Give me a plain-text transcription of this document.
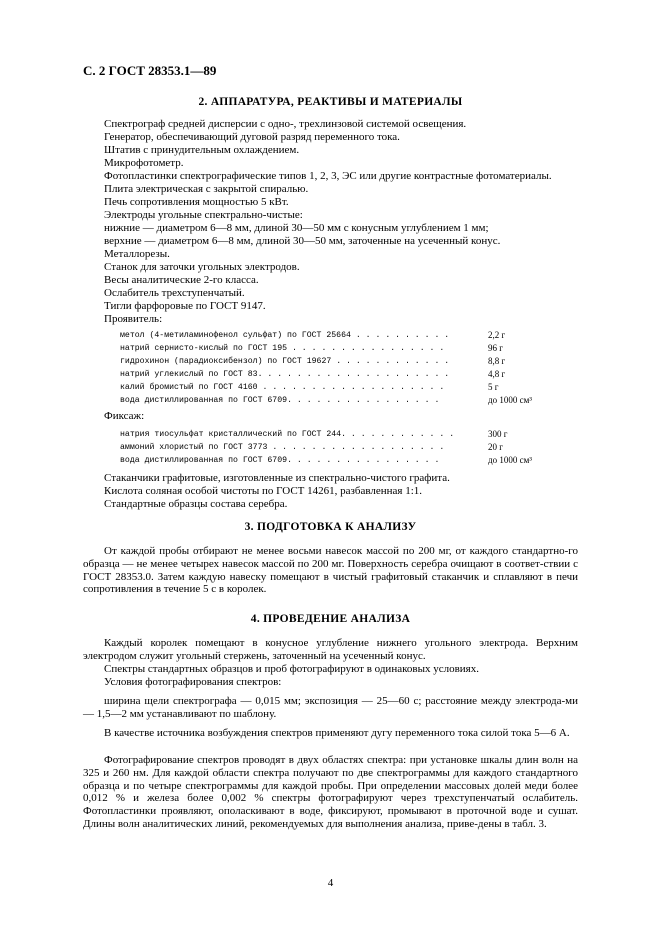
С. 2 ГОСТ 28353.1—89
2. АППАРАТУРА, РЕАКТИВЫ И МАТЕРИАЛЫ
Спектрограф средней дисперсии с одно-, трехлинзовой системой освещения.
Генератор, обеспечивающий дуговой разряд переменного тока.
Штатив с принудительным охлаждением.
Микрофотометр.
Фотопластинки спектрографические типов 1, 2, 3, ЭС или другие контрастные фотоматериалы.
Плита электрическая с закрытой спиралью.
Печь сопротивления мощностью 5 кВт.
Электроды угольные спектрально-чистые:
нижние — диаметром 6—8 мм, длиной 30—50 мм с конусным углублением 1 мм;
верхние — диаметром 6—8 мм, длиной 30—50 мм, заточенные на усеченный конус.
Металлорезы.
Станок для заточки угольных электродов.
Весы аналитические 2-го класса.
Ослабитель трехступенчатый.
Тигли фарфоровые по ГОСТ 9147.
Проявитель:
метол (4-метиламинофенол сульфат) по ГОСТ 25664 . . . . . . . . . .	2,2 г
натрий сернисто-кислый по ГОСТ 195 . . . . . . . . . . . . . . . .	96 г
гидрохинон (парадиоксибензол) по ГОСТ 19627 . . . . . . . . . . . .	8,8 г
натрий углекислый по ГОСТ 83. . . . . . . . . . . . . . . . . . . .	4,8 г
калий бромистый по ГОСТ 4160 . . . . . . . . . . . . . . . . . . .	5 г
вода дистиллированная по ГОСТ 6709. . . . . . . . . . . . . . . .	до 1000 см³
Фиксаж:
натрия тиосульфат кристаллический по ГОСТ 244. . . . . . . . . . . .	300 г
аммоний хлористый по ГОСТ 3773 . . . . . . . . . . . . . . . . . .	20 г
вода дистиллированная по ГОСТ 6709. . . . . . . . . . . . . . . .	до 1000 см³
Стаканчики графитовые, изготовленные из спектрально-чистого графита.
Кислота соляная особой чистоты по ГОСТ 14261, разбавленная 1:1.
Стандартные образцы состава серебра.
3. ПОДГОТОВКА К АНАЛИЗУ
От каждой пробы отбирают не менее восьми навесок массой по 200 мг, от каждого стандартно-го образца — не менее четырех навесок массой по 200 мг. Поверхность серебра очищают в соответ-ствии с ГОСТ 28353.0. Затем каждую навеску помещают в чистый графитовый стаканчик и сплавляют в печи сопротивления в течение 5 с в королек.
4. ПРОВЕДЕНИЕ АНАЛИЗА
Каждый королек помещают в конусное углубление нижнего угольного электрода. Верхним электродом служит угольный стержень, заточенный на усеченный конус.
Спектры стандартных образцов и проб фотографируют в одинаковых условиях.
Условия фотографирования спектров:
ширина щели спектрографа — 0,015 мм; экспозиция — 25—60 с; расстояние между электрода-ми — 1,5—2 мм устанавливают по шаблону.
В качестве источника возбуждения спектров применяют дугу переменного тока силой тока 5—6 А.
Фотографирование спектров проводят в двух областях спектра: при установке шкалы длин волн на 325 и 260 нм. Для каждой области спектра получают по две спектрограммы для каждого стандартного образца и по четыре спектрограммы для каждой пробы. При определении массовых долей меди более 0,012 % и железа более 0,002 % спектры фотографируют через трехступенчатый ослабитель. Фотопластинки проявляют, ополаскивают в воде, фиксируют, промывают в проточной воде и сушат. Длины волн аналитических линий, рекомендуемых для выполнения анализа, приве-дены в табл. 3.
4
